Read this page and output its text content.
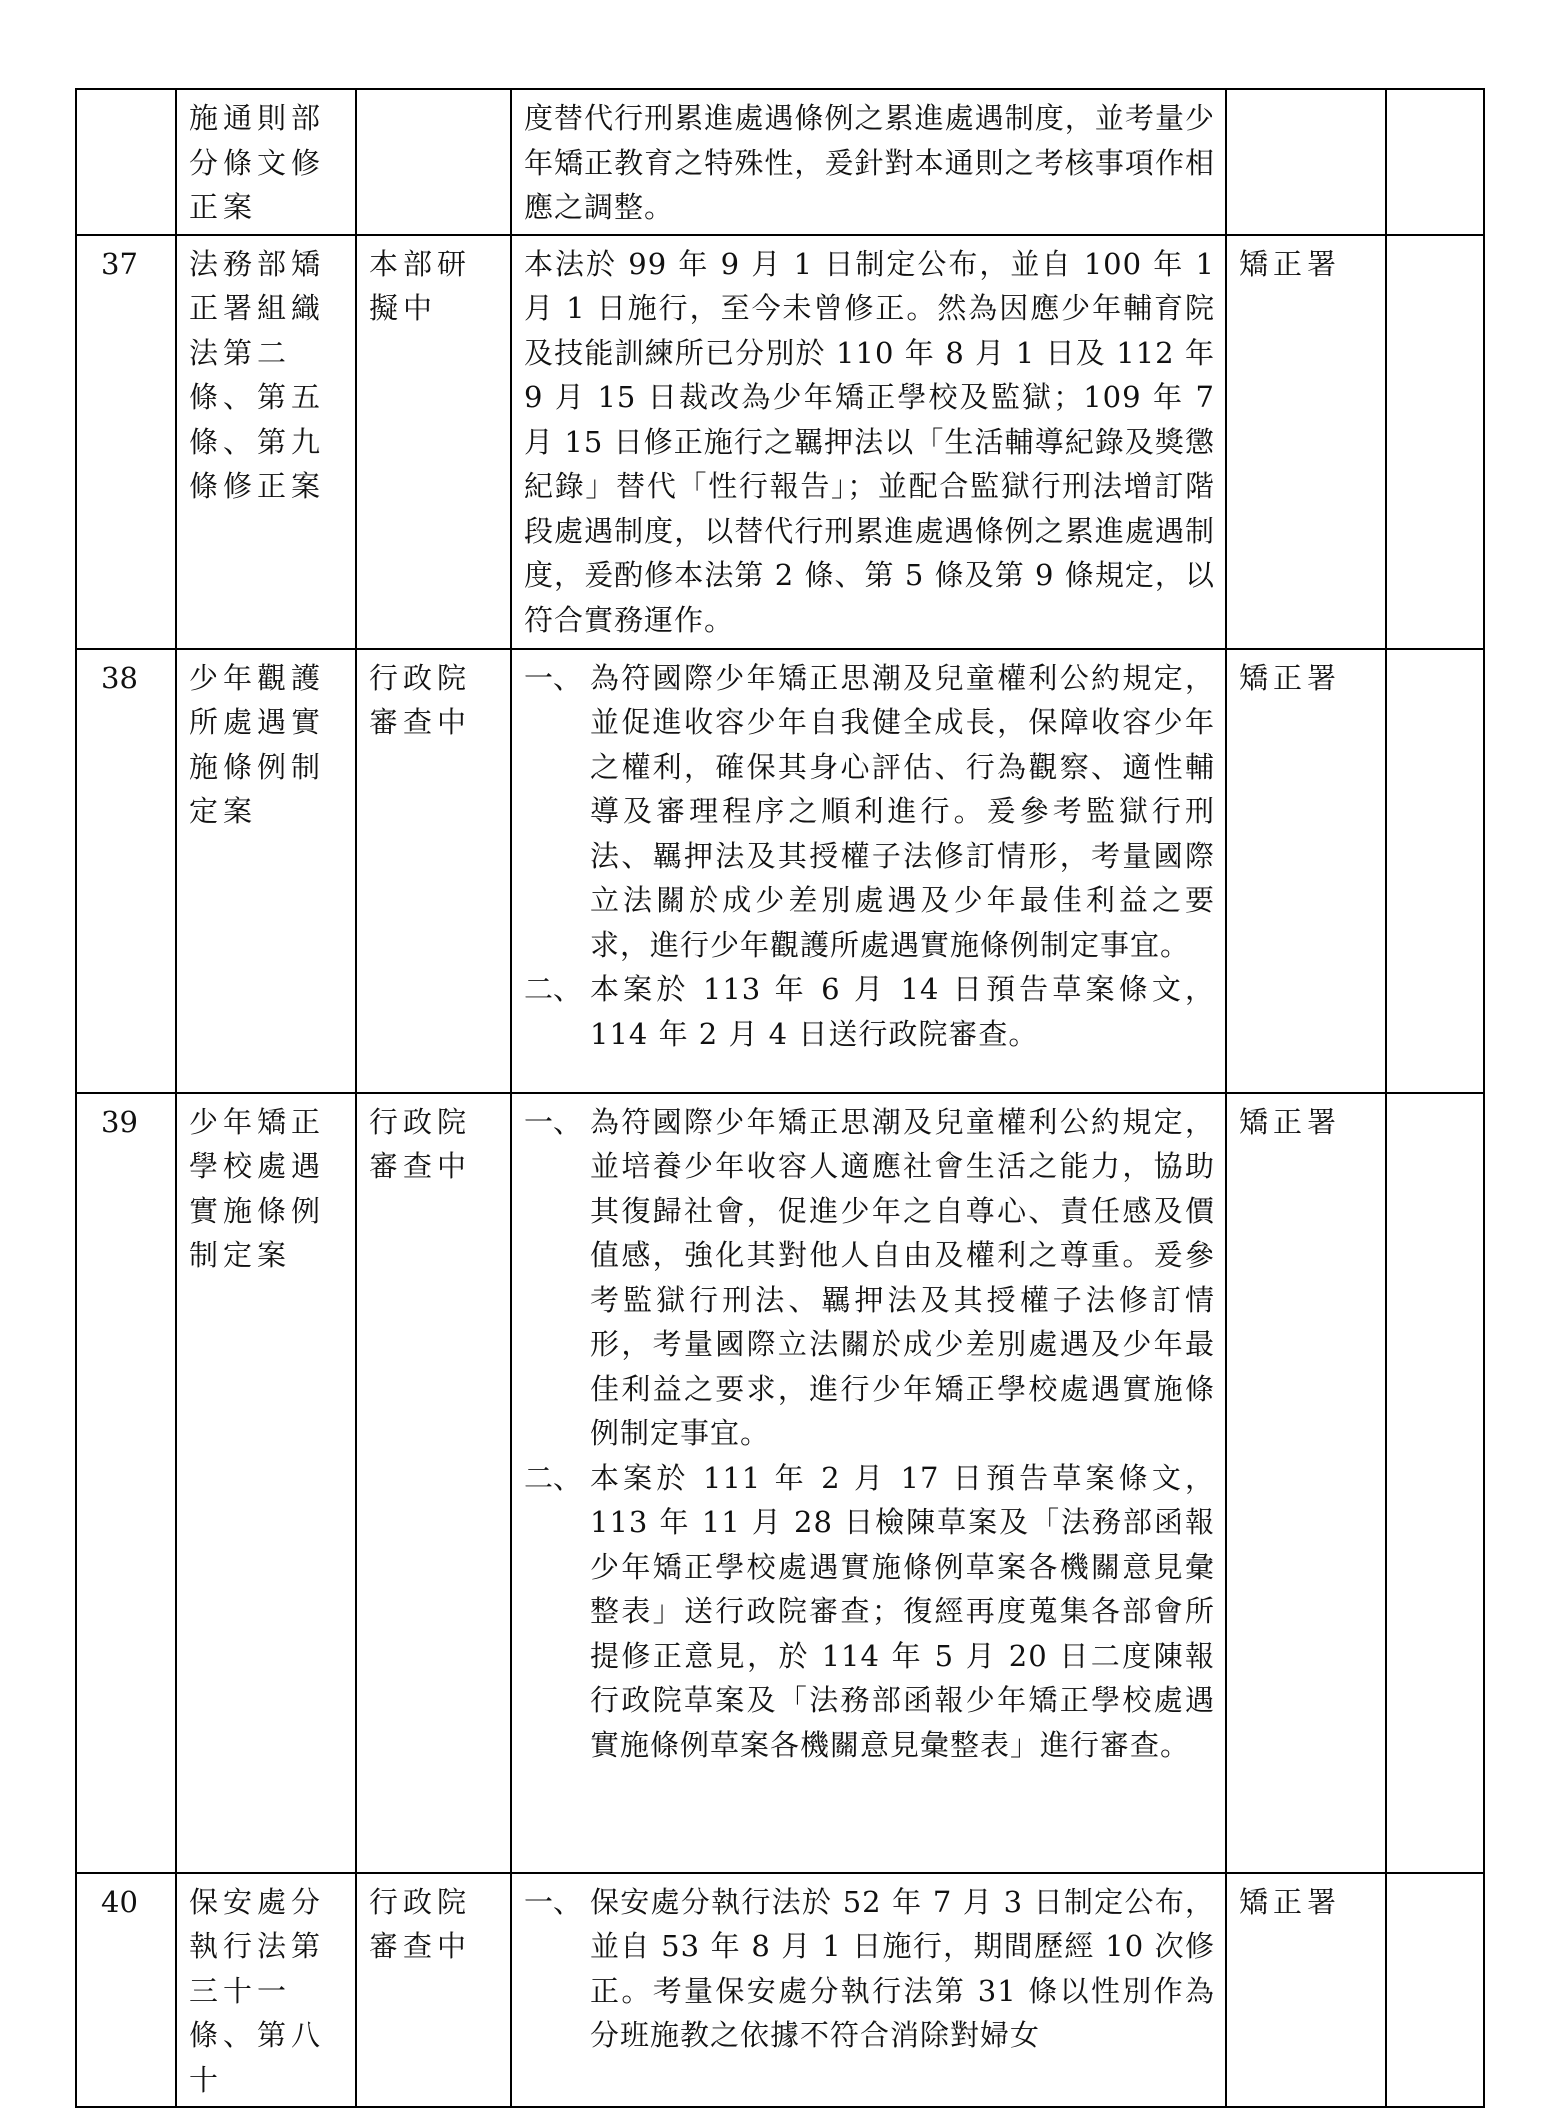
	施通則部分條文修正案		度替代行刑累進處遇條例之累進處遇制度，並考量少年矯正教育之特殊性，爰針對本通則之考核事項作相應之調整。		

37	法務部矯正署組織法第二條、第五條、第九條修正案	本部研擬中	本法於 99 年 9 月 1 日制定公布，並自 100 年 1 月 1 日施行，至今未曾修正。然為因應少年輔育院及技能訓練所已分別於 110 年 8 月 1 日及 112 年 9 月 15 日裁改為少年矯正學校及監獄；109 年 7 月 15 日修正施行之羈押法以「生活輔導紀錄及獎懲紀錄」替代「性行報告」；並配合監獄行刑法增訂階段處遇制度，以替代行刑累進處遇條例之累進處遇制度，爰酌修本法第 2 條、第 5 條及第 9 條規定，以符合實務運作。	矯正署	
38	少年觀護所處遇實施條例制定案	行政院審查中	一、 為符國際少年矯正思潮及兒童權利公約規定，並促進收容少年自我健全成長，保障收容少年之權利，確保其身心評估、行為觀察、適性輔導及審理程序之順利進行。爰參考監獄行刑法、羈押法及其授權子法修訂情形，考量國際立法關於成少差別處遇及少年最佳利益之要求，進行少年觀護所處遇實施條例制定事宜。
二、 本案於 113 年 6 月 14 日預告草案條文，114 年 2 月 4 日送行政院審查。	矯正署	
39	少年矯正學校處遇實施條例制定案	行政院審查中	一、 為符國際少年矯正思潮及兒童權利公約規定，並培養少年收容人適應社會生活之能力，協助其復歸社會，促進少年之自尊心、責任感及價值感，強化其對他人自由及權利之尊重。爰參考監獄行刑法、羈押法及其授權子法修訂情形，考量國際立法關於成少差別處遇及少年最佳利益之要求，進行少年矯正學校處遇實施條例制定事宜。
二、 本案於 111 年 2 月 17 日預告草案條文，113 年 11 月 28 日檢陳草案及「法務部函報少年矯正學校處遇實施條例草案各機關意見彙整表」送行政院審查；復經再度蒐集各部會所提修正意見，於 114 年 5 月 20 日二度陳報行政院草案及「法務部函報少年矯正學校處遇實施條例草案各機關意見彙整表」進行審查。	矯正署	
40	保安處分執行法第三十一條、第八十	行政院審查中	一、 保安處分執行法於 52 年 7 月 3 日制定公布，並自 53 年 8 月 1 日施行，期間歷經 10 次修正。考量保安處分執行法第 31 條以性別作為分班施教之依據不符合消除對婦女	矯正署	
